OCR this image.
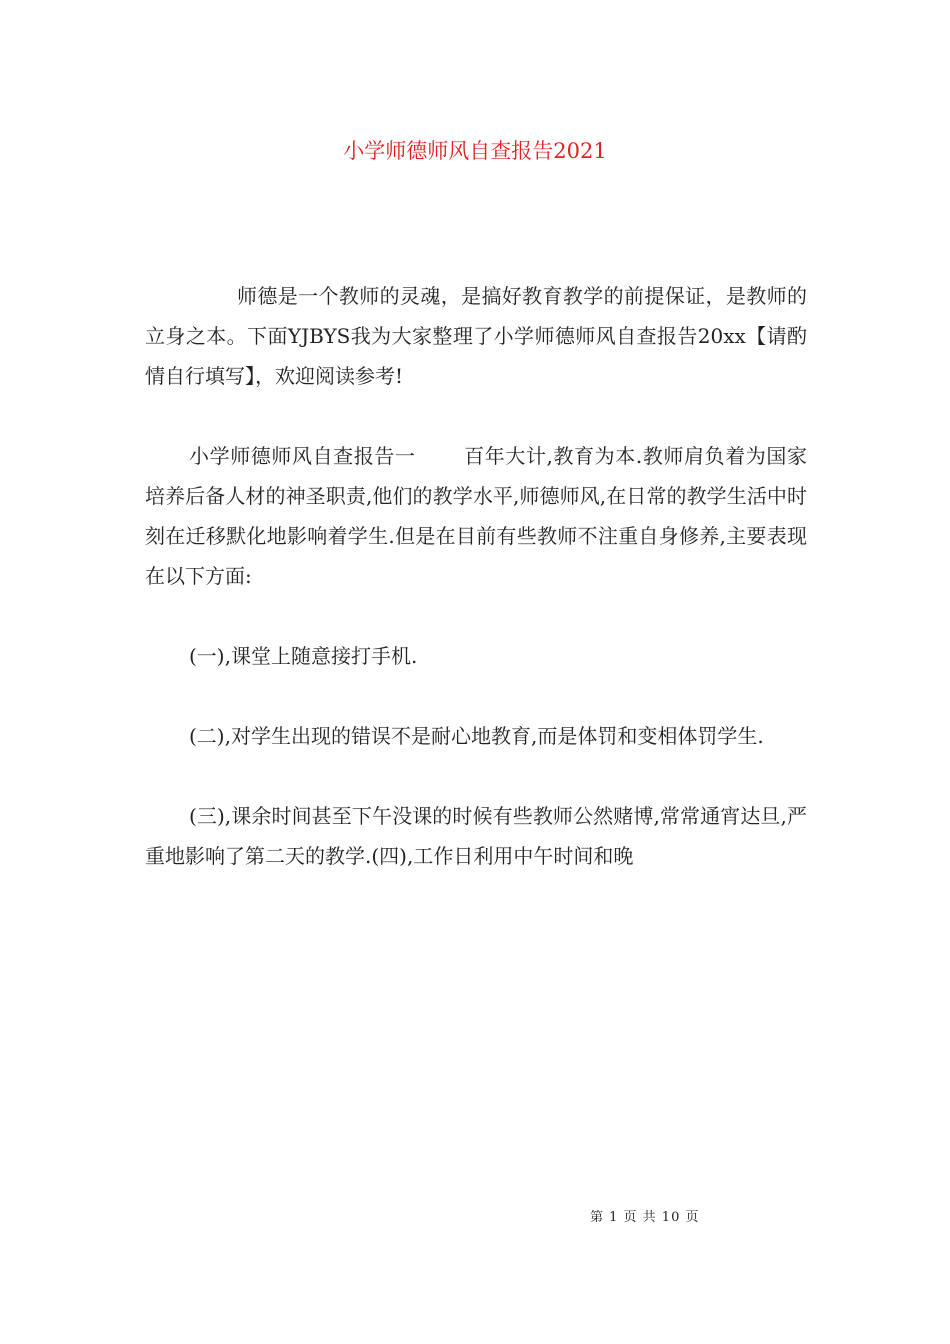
小学师德师风自查报告2021

师德是一个教师的灵魂，是搞好教育教学的前提保证，是教师的立身之本。下面YJBYS我为大家整理了小学师德师风自查报告20xx【请酌情自行填写】，欢迎阅读参考!

小学师德师风自查报告一 百年大计,教育为本.教师肩负着为国家培养后备人材的神圣职责,他们的教学水平,师德师风,在日常的教学生活中时刻在迁移默化地影响着学生.但是在目前有些教师不注重自身修养,主要表现在以下方面:

(一),课堂上随意接打手机.

(二),对学生出现的错误不是耐心地教育,而是体罚和变相体罚学生.

(三),课余时间甚至下午没课的时候有些教师公然赌博,常常通宵达旦,严重地影响了第二天的教学.(四),工作日利用中午时间和晚

第 1 页 共 10 页
